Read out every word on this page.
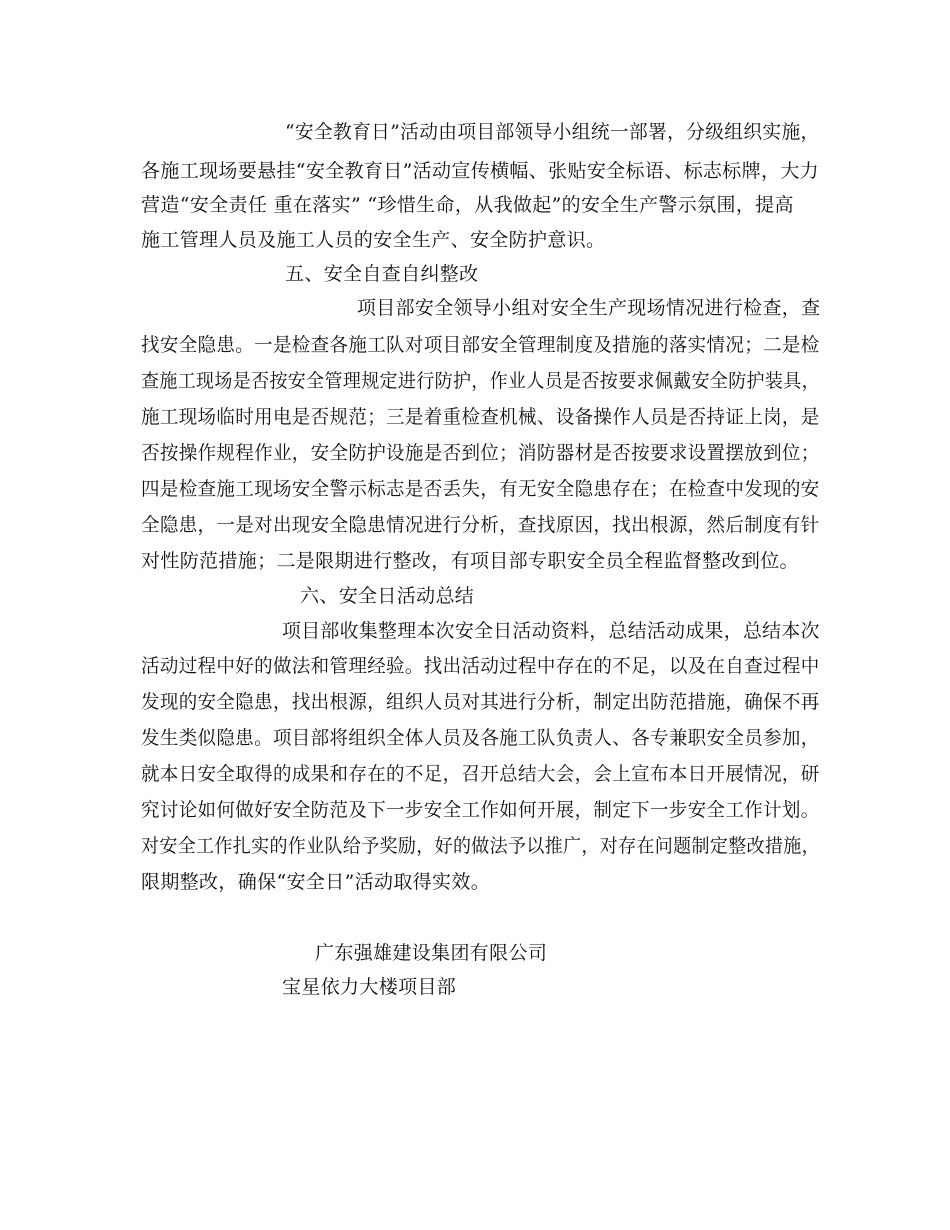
“安全教育日”活动由项目部领导小组统一部署，分级组织实施，
各施工现场要悬挂“安全教育日”活动宣传横幅、张贴安全标语、标志标牌，大力
营造“安全责任 重在落实” “珍惜生命，从我做起”的安全生产警示氛围，提高
施工管理人员及施工人员的安全生产、安全防护意识。
五、安全自查自纠整改
项目部安全领导小组对安全生产现场情况进行检查，查
找安全隐患。一是检查各施工队对项目部安全管理制度及措施的落实情况；二是检
查施工现场是否按安全管理规定进行防护，作业人员是否按要求佩戴安全防护装具，
施工现场临时用电是否规范；三是着重检查机械、设备操作人员是否持证上岗，是
否按操作规程作业，安全防护设施是否到位；消防器材是否按要求设置摆放到位；
四是检查施工现场安全警示标志是否丢失，有无安全隐患存在；在检查中发现的安
全隐患，一是对出现安全隐患情况进行分析，查找原因，找出根源，然后制度有针
对性防范措施；二是限期进行整改，有项目部专职安全员全程监督整改到位。
六、安全日活动总结
项目部收集整理本次安全日活动资料，总结活动成果，总结本次
活动过程中好的做法和管理经验。找出活动过程中存在的不足，以及在自查过程中
发现的安全隐患，找出根源，组织人员对其进行分析，制定出防范措施，确保不再
发生类似隐患。项目部将组织全体人员及各施工队负责人、各专兼职安全员参加，
就本日安全取得的成果和存在的不足，召开总结大会，会上宣布本日开展情况，研
究讨论如何做好安全防范及下一步安全工作如何开展，制定下一步安全工作计划。
对安全工作扎实的作业队给予奖励，好的做法予以推广，对存在问题制定整改措施，
限期整改，确保“安全日”活动取得实效。
广东强雄建设集团有限公司
宝星依力大楼项目部
